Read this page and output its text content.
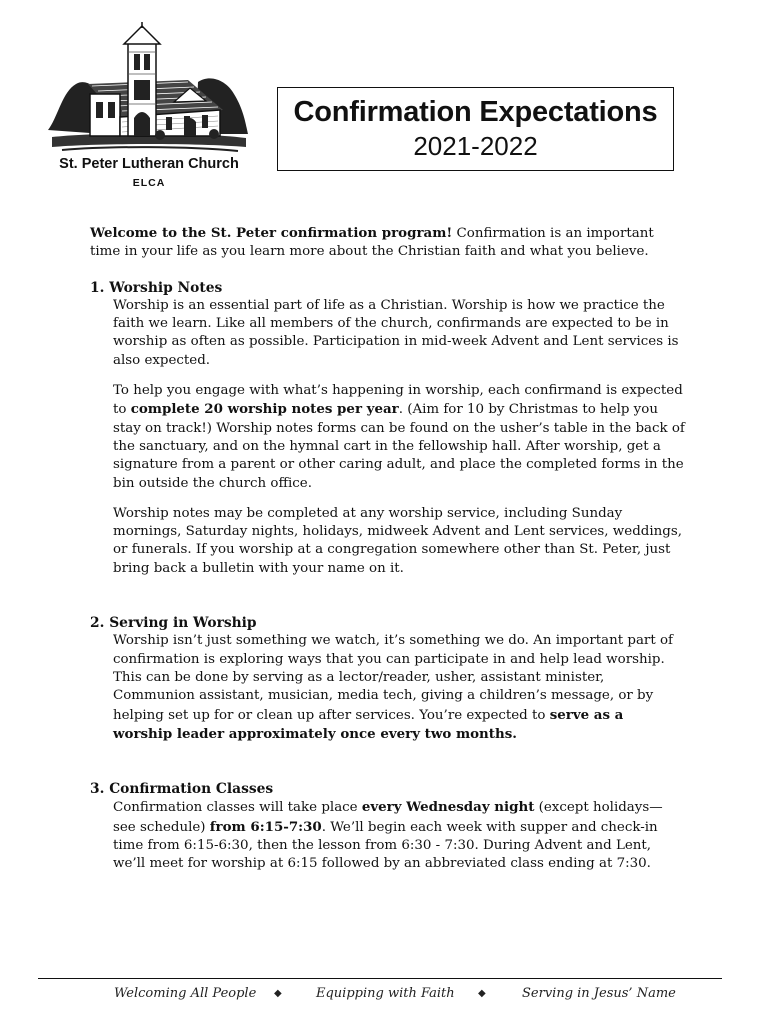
St. Peter Lutheran Church
ELCA
Confirmation Expectations
2021-2022

Welcome to the St. Peter confirmation program! Confirmation is an important time in your life as you learn more about the Christian faith and what you believe.

1. Worship Notes

Worship is an essential part of life as a Christian. Worship is how we practice the faith we learn. Like all members of the church, confirmands are expected to be in worship as often as possible. Participation in mid-week Advent and Lent services is also expected.

To help you engage with what’s happening in worship, each confirmand is expected to complete 20 worship notes per year. (Aim for 10 by Christmas to help you stay on track!) Worship notes forms can be found on the usher’s table in the back of the sanctuary, and on the hymnal cart in the fellowship hall. After worship, get a signature from a parent or other caring adult, and place the completed forms in the bin outside the church office.

Worship notes may be completed at any worship service, including Sunday mornings, Saturday nights, holidays, midweek Advent and Lent services, weddings, or funerals. If you worship at a congregation somewhere other than St. Peter, just bring back a bulletin with your name on it.

2. Serving in Worship

Worship isn’t just something we watch, it’s something we do. An important part of confirmation is exploring ways that you can participate in and help lead worship. This can be done by serving as a lector/reader, usher, assistant minister, Communion assistant, musician, media tech, giving a children’s message, or by helping set up for or clean up after services. You’re expected to serve as a worship leader approximately once every two months.

3. Confirmation Classes

Confirmation classes will take place every Wednesday night (except holidays—see schedule) from 6:15-7:30. We’ll begin each week with supper and check-in time from 6:15-6:30, then the lesson from 6:30 - 7:30. During Advent and Lent, we’ll meet for worship at 6:15 followed by an abbreviated class ending at 7:30.

Welcoming All People ◆	Equipping with Faith ◆	Serving in Jesus’ Name
